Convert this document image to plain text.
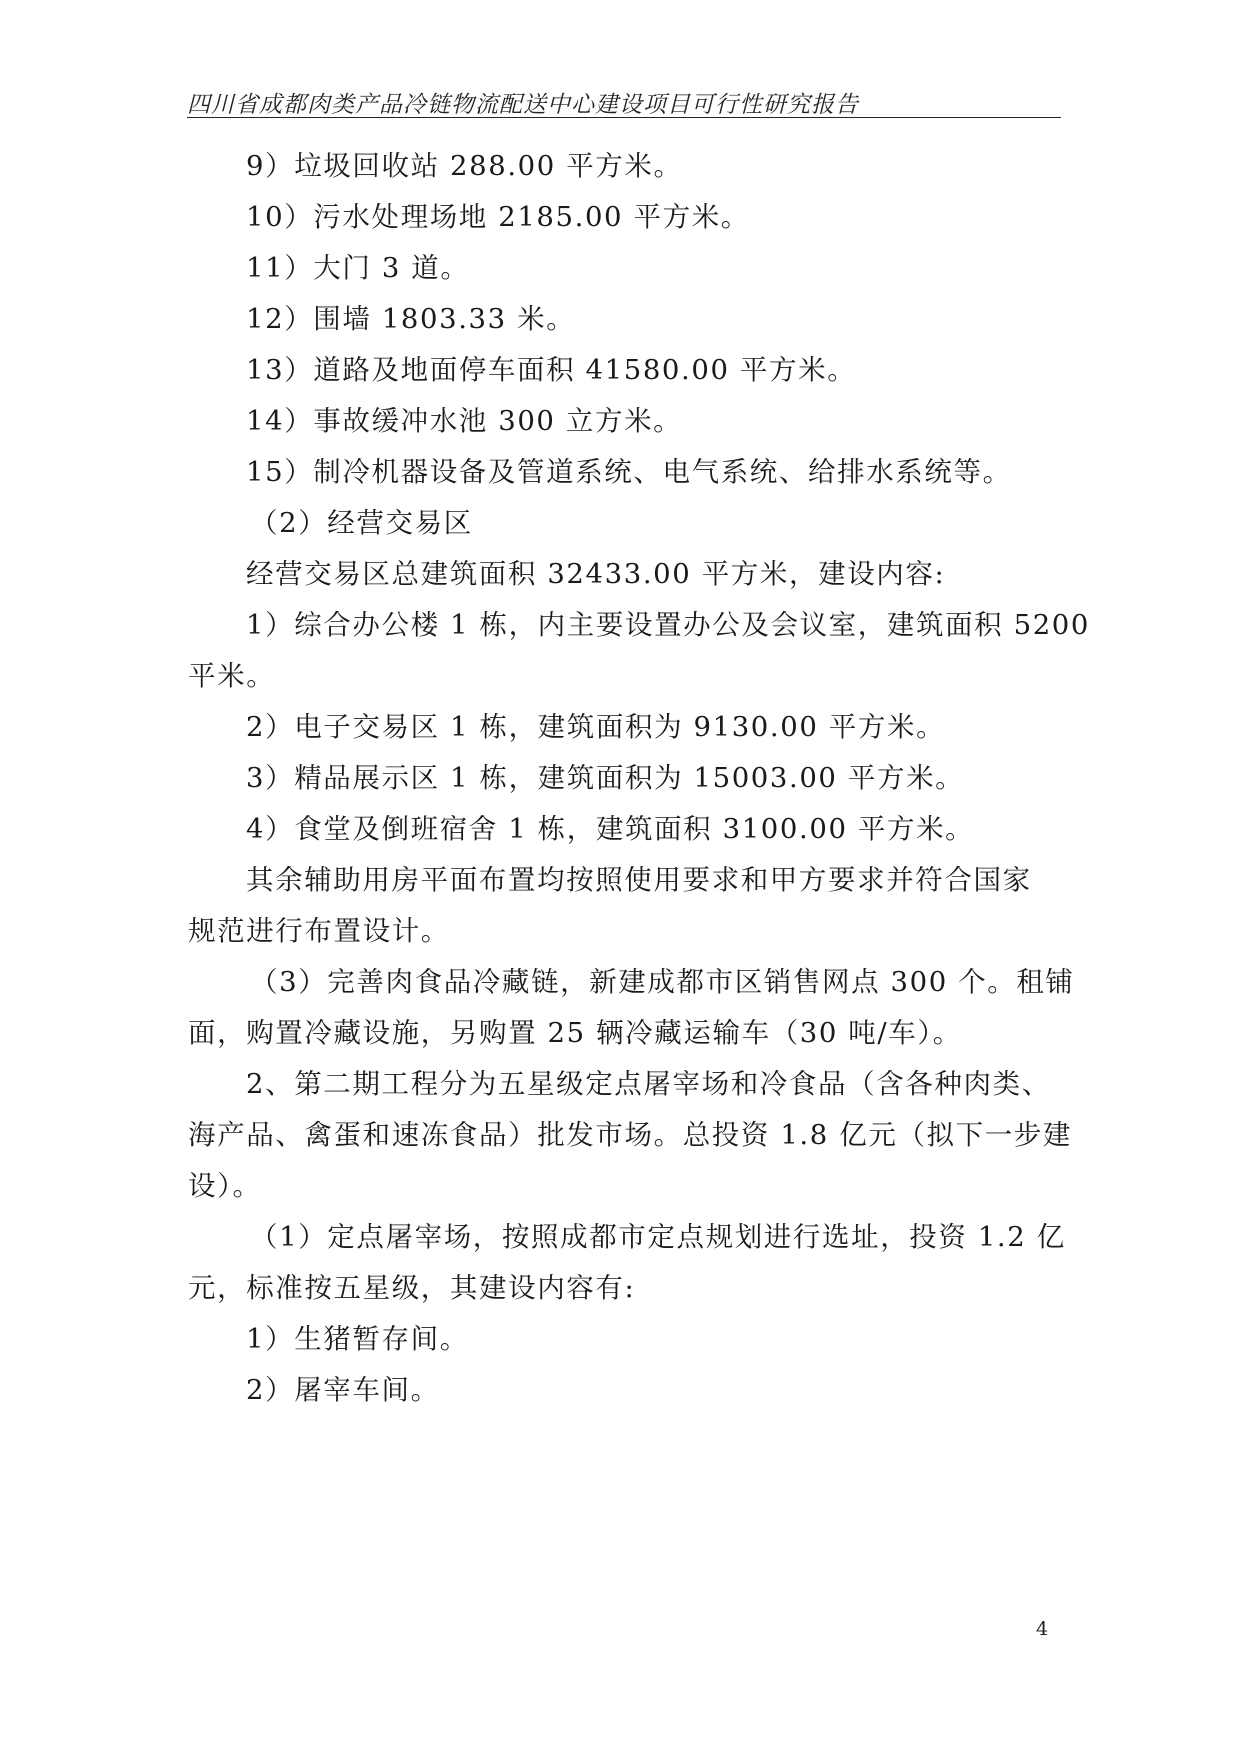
四川省成都肉类产品冷链物流配送中心建设项目可行性研究报告
9）垃圾回收站 288.00 平方米。
10）污水处理场地 2185.00 平方米。
11）大门 3 道。
12）围墙 1803.33 米。
13）道路及地面停车面积 41580.00 平方米。
14）事故缓冲水池 300 立方米。
15）制冷机器设备及管道系统、电气系统、给排水系统等。
（2）经营交易区
经营交易区总建筑面积 32433.00 平方米，建设内容:
1）综合办公楼 1 栋，内主要设置办公及会议室，建筑面积 5200
平米。
2）电子交易区 1 栋，建筑面积为 9130.00 平方米。
3）精品展示区 1 栋，建筑面积为 15003.00 平方米。
4）食堂及倒班宿舍 1 栋，建筑面积 3100.00 平方米。
其余辅助用房平面布置均按照使用要求和甲方要求并符合国家
规范进行布置设计。
（3）完善肉食品冷藏链，新建成都市区销售网点 300 个。租铺
面，购置冷藏设施，另购置 25 辆冷藏运输车（30 吨/车）。
2、第二期工程分为五星级定点屠宰场和冷食品（含各种肉类、
海产品、禽蛋和速冻食品）批发市场。总投资 1.8 亿元（拟下一步建
设）。
（1）定点屠宰场，按照成都市定点规划进行选址，投资 1.2 亿
元，标准按五星级，其建设内容有:
1）生猪暂存间。
2）屠宰车间。
4
